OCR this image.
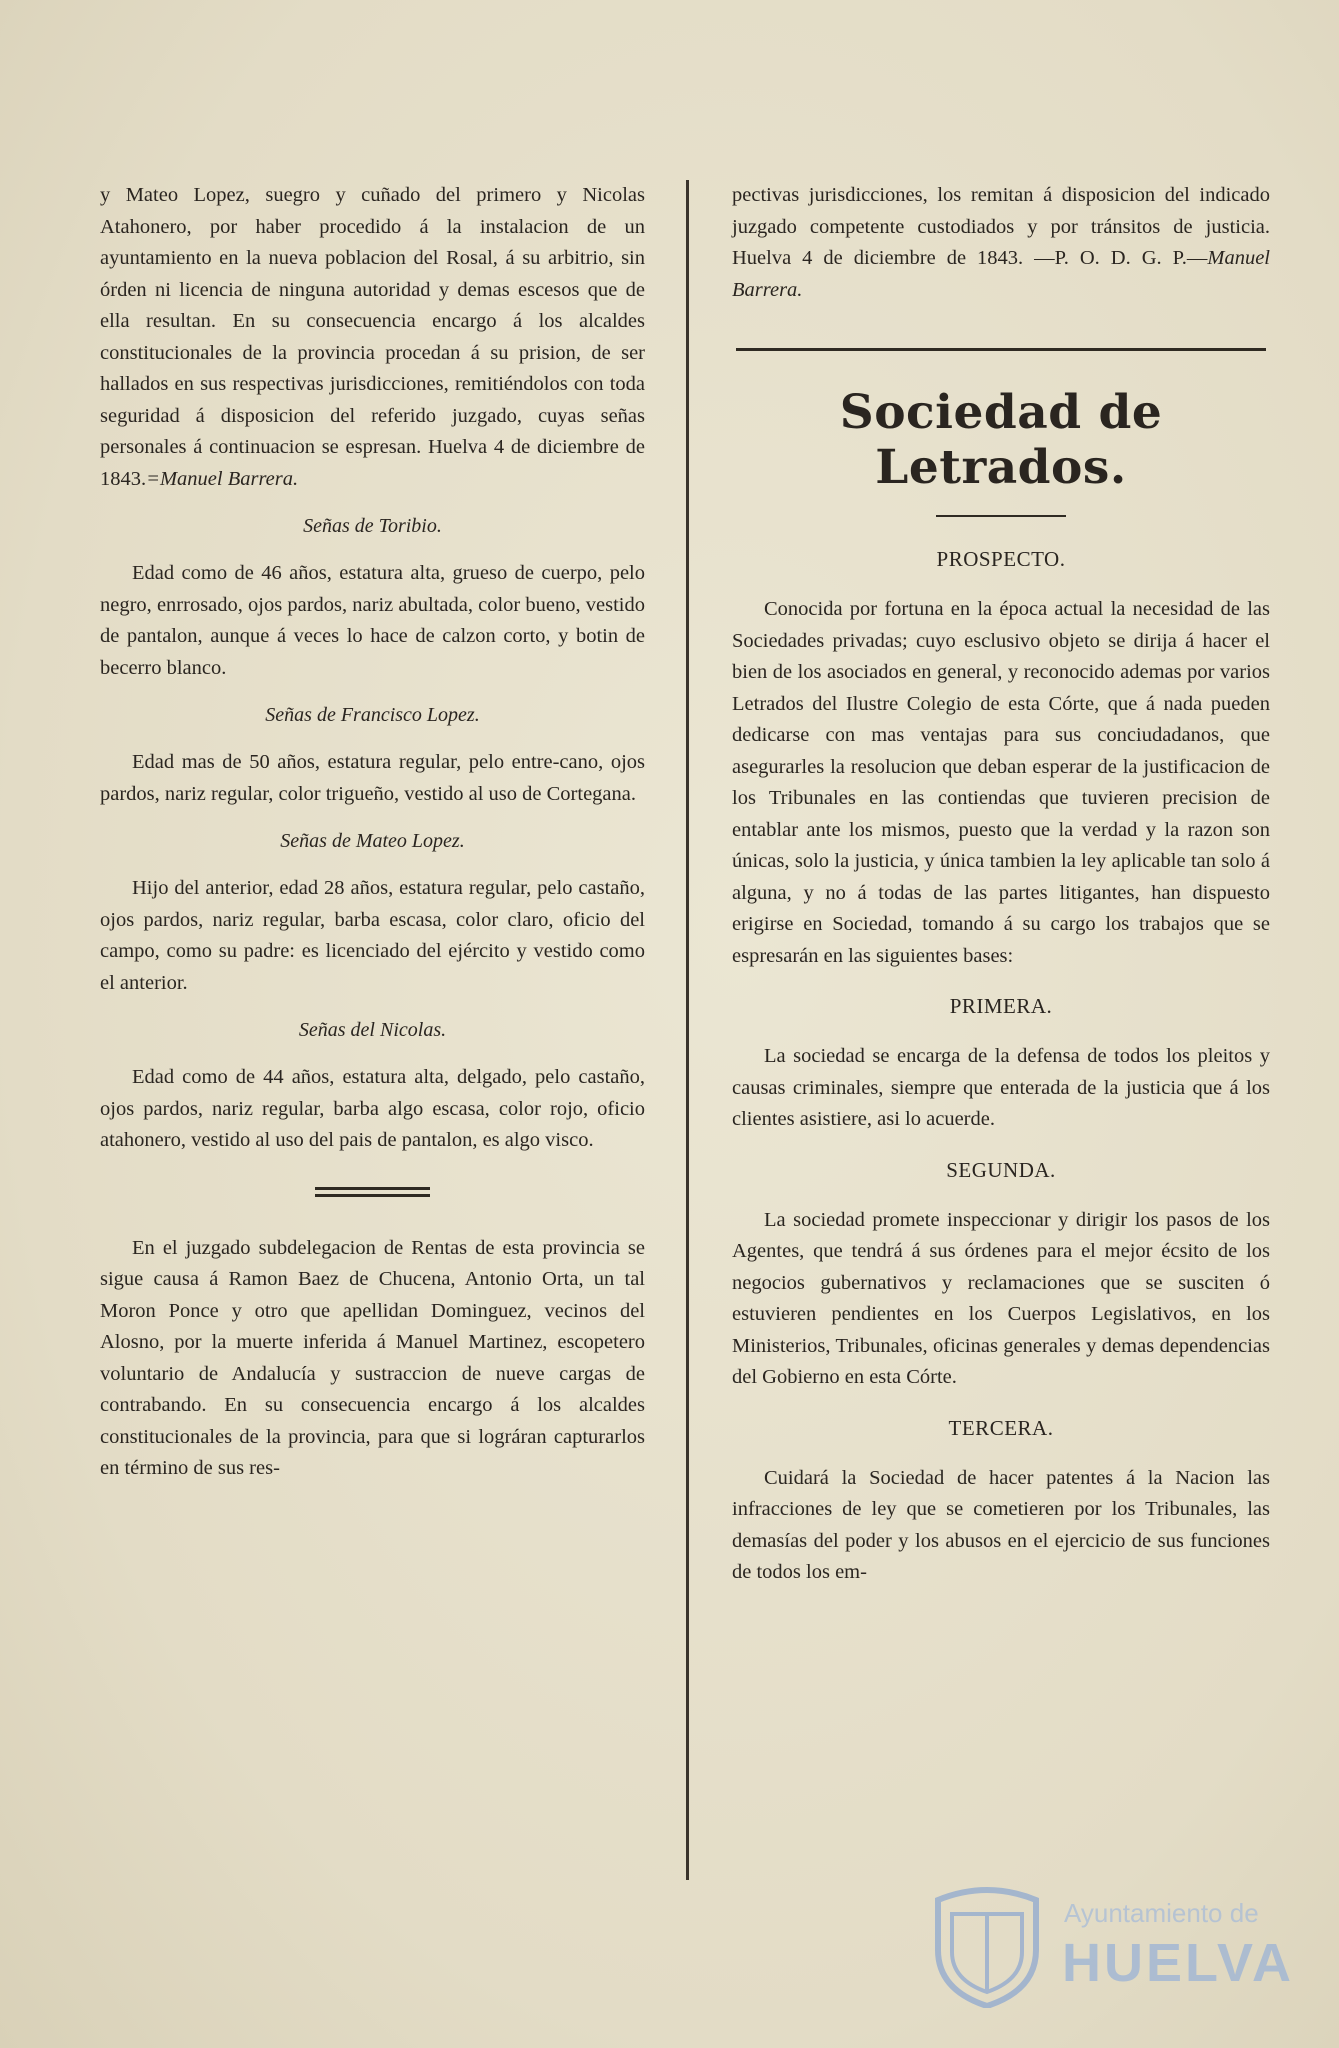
y Mateo Lopez, suegro y cuñado del primero y Nicolas Atahonero, por haber procedido á la instalacion de un ayuntamiento en la nueva poblacion del Rosal, á su arbitrio, sin órden ni licencia de ninguna autoridad y demas escesos que de ella resultan. En su consecuencia encargo á los alcaldes constitucionales de la provincia procedan á su prision, de ser hallados en sus respectivas jurisdicciones, remitiéndolos con toda seguridad á disposicion del referido juzgado, cuyas señas personales á continuacion se espresan. Huelva 4 de diciembre de 1843.=Manuel Barrera.

Señas de Toribio.

Edad como de 46 años, estatura alta, grueso de cuerpo, pelo negro, enrrosado, ojos pardos, nariz abultada, color bueno, vestido de pantalon, aunque á veces lo hace de calzon corto, y botin de becerro blanco.

Señas de Francisco Lopez.

Edad mas de 50 años, estatura regular, pelo entre-cano, ojos pardos, nariz regular, color trigueño, vestido al uso de Cortegana.

Señas de Mateo Lopez.

Hijo del anterior, edad 28 años, estatura regular, pelo castaño, ojos pardos, nariz regular, barba escasa, color claro, oficio del campo, como su padre: es licenciado del ejército y vestido como el anterior.

Señas del Nicolas.

Edad como de 44 años, estatura alta, delgado, pelo castaño, ojos pardos, nariz regular, barba algo escasa, color rojo, oficio atahonero, vestido al uso del pais de pantalon, es algo visco.

En el juzgado subdelegacion de Rentas de esta provincia se sigue causa á Ramon Baez de Chucena, Antonio Orta, un tal Moron Ponce y otro que apellidan Dominguez, vecinos del Alosno, por la muerte inferida á Manuel Martinez, escopetero voluntario de Andalucía y sustraccion de nueve cargas de contrabando. En su consecuencia encargo á los alcaldes constitucionales de la provincia, para que si lográran capturarlos en término de sus res-

pectivas jurisdicciones, los remitan á disposicion del indicado juzgado competente custodiados y por tránsitos de justicia. Huelva 4 de diciembre de 1843. —P. O. D. G. P.—Manuel Barrera.

Sociedad de Letrados.
PROSPECTO.

Conocida por fortuna en la época actual la necesidad de las Sociedades privadas; cuyo esclusivo objeto se dirija á hacer el bien de los asociados en general, y reconocido ademas por varios Letrados del Ilustre Colegio de esta Córte, que á nada pueden dedicarse con mas ventajas para sus conciudadanos, que asegurarles la resolucion que deban esperar de la justificacion de los Tribunales en las contiendas que tuvieren precision de entablar ante los mismos, puesto que la verdad y la razon son únicas, solo la justicia, y única tambien la ley aplicable tan solo á alguna, y no á todas de las partes litigantes, han dispuesto erigirse en Sociedad, tomando á su cargo los trabajos que se espresarán en las siguientes bases:

PRIMERA.

La sociedad se encarga de la defensa de todos los pleitos y causas criminales, siempre que enterada de la justicia que á los clientes asistiere, asi lo acuerde.

SEGUNDA.

La sociedad promete inspeccionar y dirigir los pasos de los Agentes, que tendrá á sus órdenes para el mejor écsito de los negocios gubernativos y reclamaciones que se susciten ó estuvieren pendientes en los Cuerpos Legislativos, en los Ministerios, Tribunales, oficinas generales y demas dependencias del Gobierno en esta Córte.

TERCERA.

Cuidará la Sociedad de hacer patentes á la Nacion las infracciones de ley que se cometieren por los Tribunales, las demasías del poder y los abusos en el ejercicio de sus funciones de todos los em-

Ayuntamiento de
HUELVA
